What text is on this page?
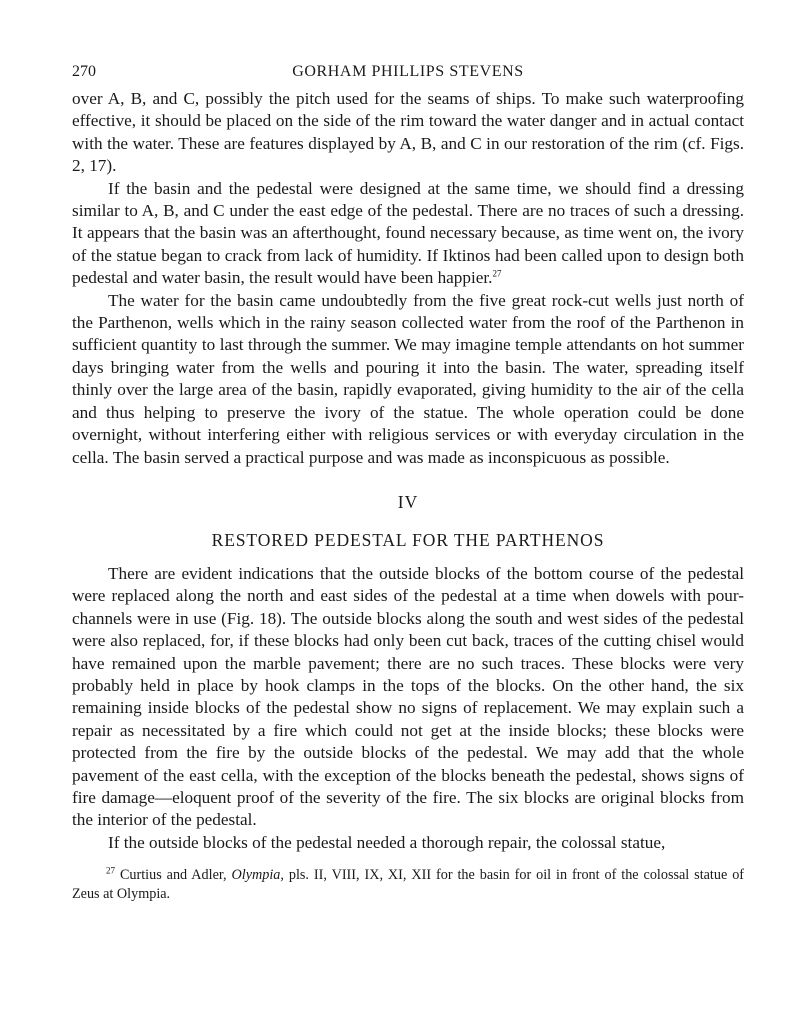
270	GORHAM PHILLIPS STEVENS

over A, B, and C, possibly the pitch used for the seams of ships. To make such waterproofing effective, it should be placed on the side of the rim toward the water danger and in actual contact with the water. These are features displayed by A, B, and C in our restoration of the rim (cf. Figs. 2, 17).

If the basin and the pedestal were designed at the same time, we should find a dressing similar to A, B, and C under the east edge of the pedestal. There are no traces of such a dressing. It appears that the basin was an afterthought, found necessary because, as time went on, the ivory of the statue began to crack from lack of humidity. If Iktinos had been called upon to design both pedestal and water basin, the result would have been happier.$^{27}$

The water for the basin came undoubtedly from the five great rock-cut wells just north of the Parthenon, wells which in the rainy season collected water from the roof of the Parthenon in sufficient quantity to last through the summer. We may imagine temple attendants on hot summer days bringing water from the wells and pouring it into the basin. The water, spreading itself thinly over the large area of the basin, rapidly evaporated, giving humidity to the air of the cella and thus helping to preserve the ivory of the statue. The whole operation could be done overnight, without interfering either with religious services or with everyday circulation in the cella. The basin served a practical purpose and was made as inconspicuous as possible.

IV
RESTORED PEDESTAL FOR THE PARTHENOS

There are evident indications that the outside blocks of the bottom course of the pedestal were replaced along the north and east sides of the pedestal at a time when dowels with pour-channels were in use (Fig. 18). The outside blocks along the south and west sides of the pedestal were also replaced, for, if these blocks had only been cut back, traces of the cutting chisel would have remained upon the marble pavement; there are no such traces. These blocks were very probably held in place by hook clamps in the tops of the blocks. On the other hand, the six remaining inside blocks of the pedestal show no signs of replacement. We may explain such a repair as necessitated by a fire which could not get at the inside blocks; these blocks were protected from the fire by the outside blocks of the pedestal. We may add that the whole pavement of the east cella, with the exception of the blocks beneath the pedestal, shows signs of fire damage—eloquent proof of the severity of the fire. The six blocks are original blocks from the interior of the pedestal.

If the outside blocks of the pedestal needed a thorough repair, the colossal statue,

$^{27}$ Curtius and Adler, Olympia, pls. II, VIII, IX, XI, XII for the basin for oil in front of the colossal statue of Zeus at Olympia.
